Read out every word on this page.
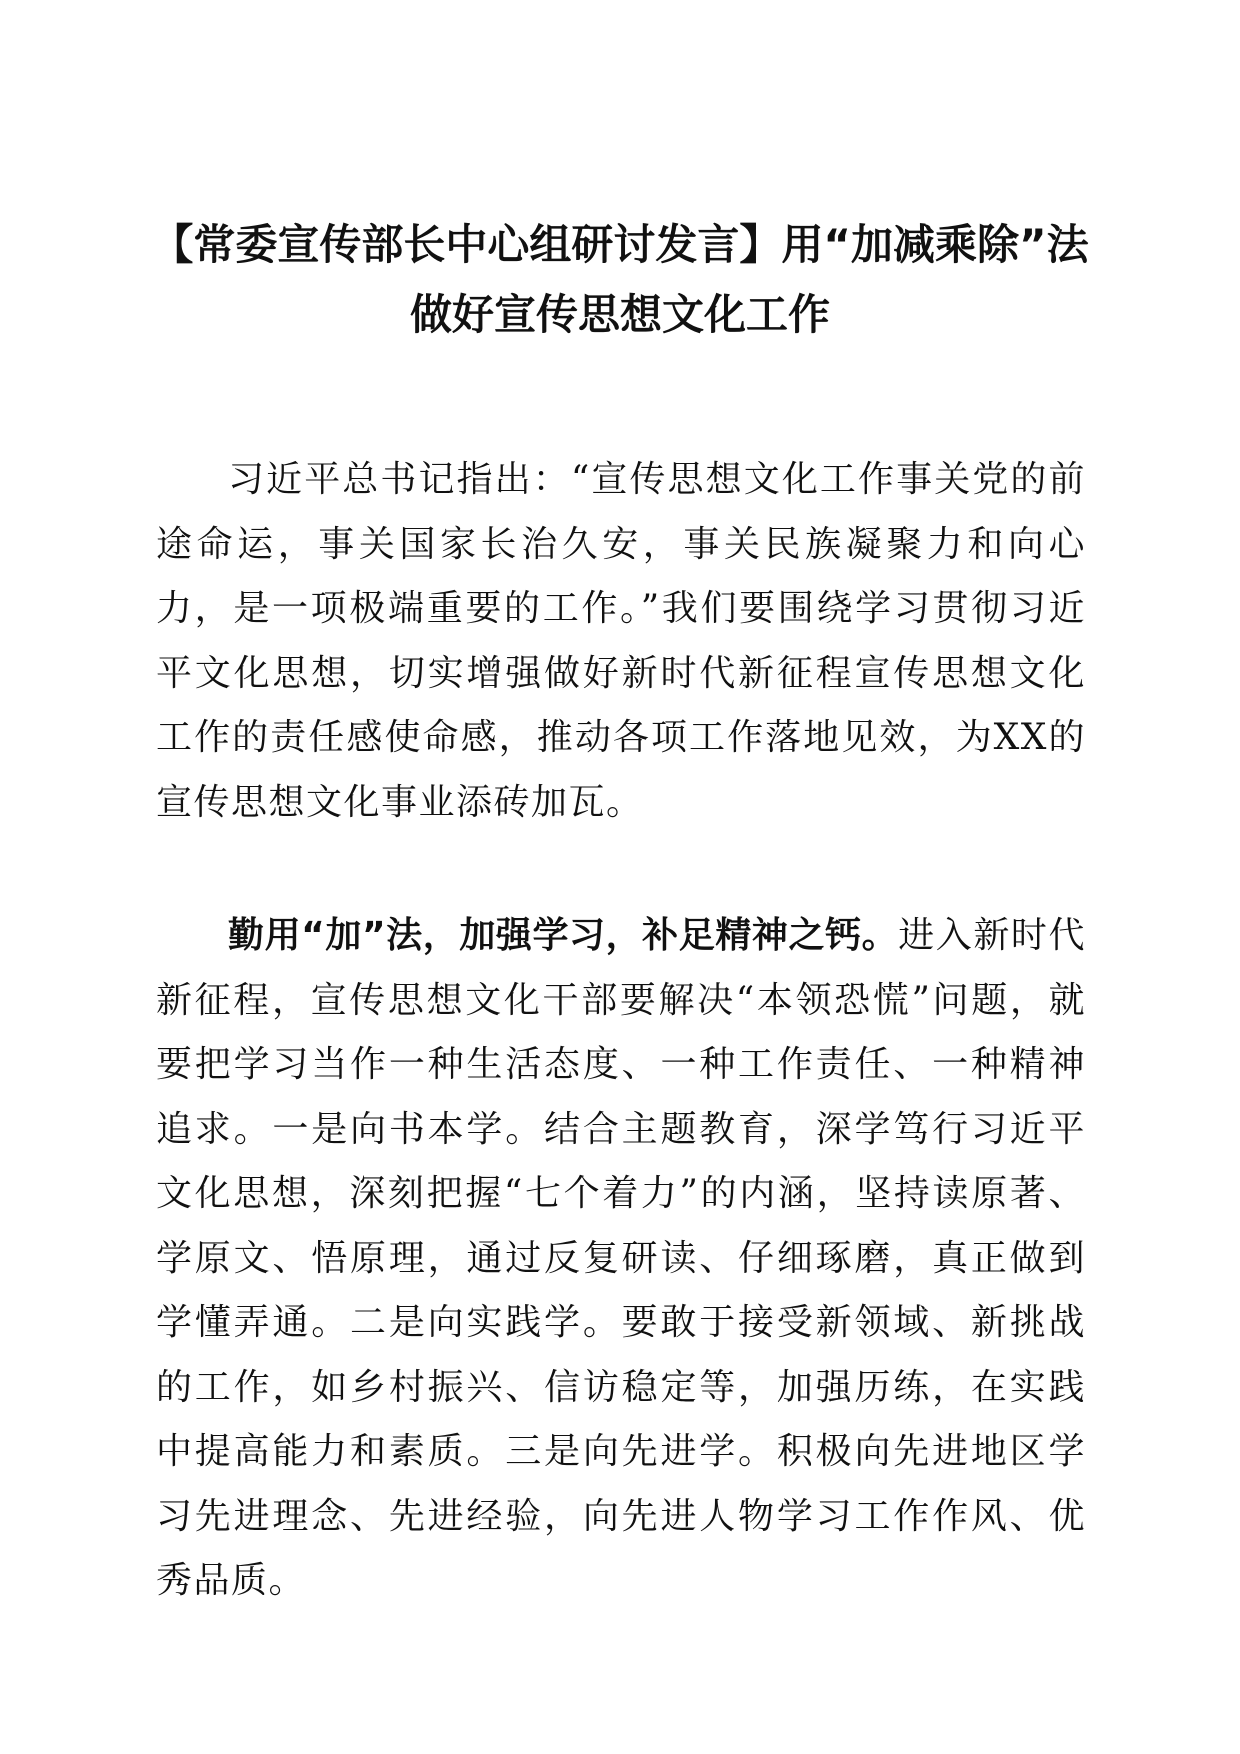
【常委宣传部长中心组研讨发言】用“加减乘除”法做好宣传思想文化工作

习近平总书记指出：“宣传思想文化工作事关党的前途命运，事关国家长治久安，事关民族凝聚力和向心力，是一项极端重要的工作。”我们要围绕学习贯彻习近平文化思想，切实增强做好新时代新征程宣传思想文化工作的责任感使命感，推动各项工作落地见效，为XX的宣传思想文化事业添砖加瓦。

勤用“加”法，加强学习，补足精神之钙。进入新时代新征程，宣传思想文化干部要解决“本领恐慌”问题，就要把学习当作一种生活态度、一种工作责任、一种精神追求。一是向书本学。结合主题教育，深学笃行习近平文化思想，深刻把握“七个着力”的内涵，坚持读原著、学原文、悟原理，通过反复研读、仔细琢磨，真正做到学懂弄通。二是向实践学。要敢于接受新领域、新挑战的工作，如乡村振兴、信访稳定等，加强历练，在实践中提高能力和素质。三是向先进学。积极向先进地区学习先进理念、先进经验，向先进人物学习工作作风、优秀品质。
